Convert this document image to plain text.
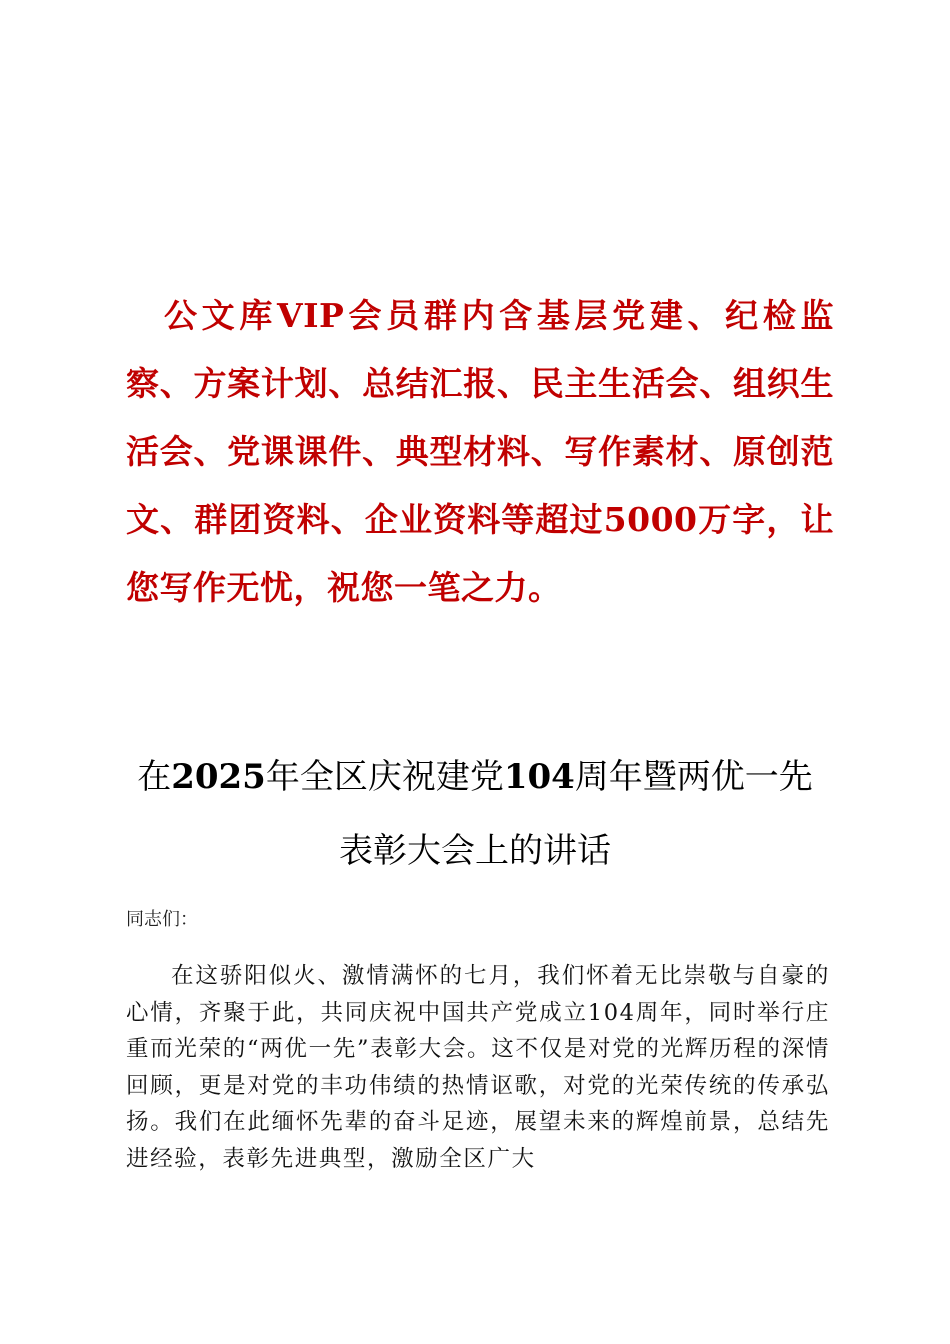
公文库VIP会员群内含基层党建、纪检监察、方案计划、总结汇报、民主生活会、组织生活会、党课课件、典型材料、写作素材、原创范文、群团资料、企业资料等超过5000万字，让您写作无忧，祝您一笔之力。

在2025年全区庆祝建党104周年暨两优一先
表彰大会上的讲话

同志们：

在这骄阳似火、激情满怀的七月，我们怀着无比崇敬与自豪的心情，齐聚于此，共同庆祝中国共产党成立104周年，同时举行庄重而光荣的“两优一先”表彰大会。这不仅是对党的光辉历程的深情回顾，更是对党的丰功伟绩的热情讴歌，对党的光荣传统的传承弘扬。我们在此缅怀先辈的奋斗足迹，展望未来的辉煌前景，总结先进经验，表彰先进典型，激励全区广大
